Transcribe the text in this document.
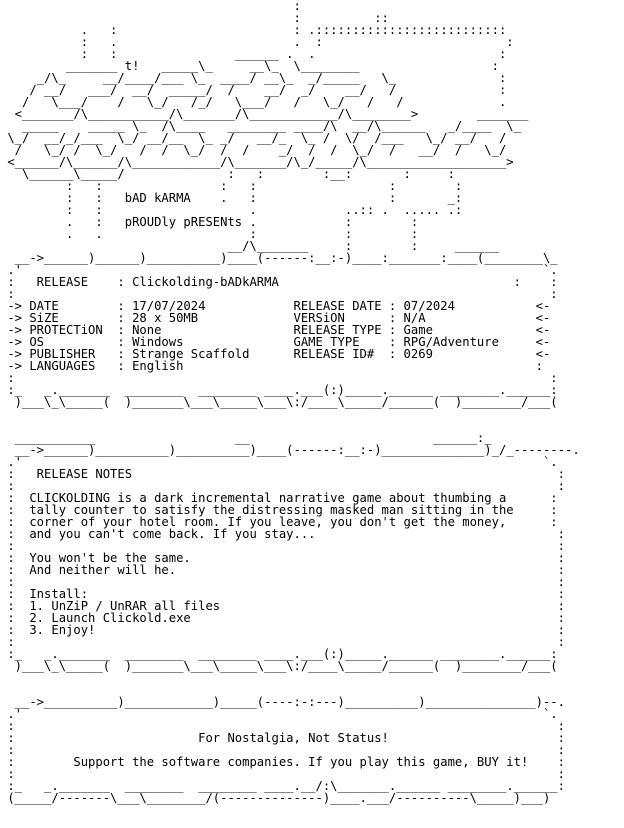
:
:          ::
.   :                        : .::::::::::::::::::::::::::
:   .                        .  :                         :
:   :                ______ .  .                         :
_______ t!   _____\_     __\_  \________                  :
_/\_     __/____/___ \_  ____/ __\_  _/_____   \_              :
/ __/   ___/  __/  _____/  /    __/  _/    __/   /              :
/   \___/    /   \_/   /_/   \___/   /   \_/   /   /             .
<_______/\___________/\_______/\____________/\________>        _______
_____    _____ \_  /\____   ________ ____/\  __/\______   _/____  \_
\_/  __/_/___  \_/ __/__  \_ _/   __/_  \_ /  \/  /___   \_/ __/   /
/   \_/ /  \_/   /  /  \_/  /  /    _/  /  /  \_/  /   __/  /   \_/
<______/\______/\____________/\_______/\_/_____/\___________________>
\______\_____/              :   :        :__:       :     :
:   :                :   :                  :        :
:   :   bAD kARMA    .   :                  :       _:
:   :                    .            ..:: .  ..... .:
.   :   pROUDly pRESENts .            :        :
.   .                    :            :        :
__/\_______     :        :     ______
__->______)______)__________)____(------:__:-)____:_______:____(________\_
.'                                                                       `.
:   RELEASE    : Clickolding-bADkARMA                                :    :
:                                                                         :
-> DATE        : 17/07/2024            RELEASE DATE : 07/2024           <-
-> SiZE        : 28 x 50MB             VERSiON      : N/A               <-
-> PROTECTiON  : None                  RELEASE TYPE : Game              <-
-> OS          : Windows               GAME TYPE    : RPG/Adventure     <-
-> PUBLISHER   : Strange Scaffold      RELEASE ID#  : 0269              <-
-> LANGUAGES   : English                                                :
:                                                                         :
:_   _._______  ________  ________ ____.___(:)_____.______ ________.______:
)___\_\_____(  )_______\___\_____\___\:/____\_____/______(  )________/___(
___________                   __                         ______:_
__->______)__________)__________)____(------:__:-)______________)_/_--------.
.'                                                                       `.
:   RELEASE NOTES                                                          :
:                                                                          :
:  CLICKOLDING is a dark incremental narrative game about thumbing a      :
:  tally counter to satisfy the distressing masked man sitting in the     :
:  corner of your hotel room. If you leave, you don't get the money,      :
:  and you can't come back. If you stay...                                 :
:                                                                          :
:  You won't be the same.                                                  :
:  And neither will he.                                                    :
:                                                                          :
:  Install:                                                                :
:  1. UnZiP / UnRAR all files                                              :
:  2. Launch Clickold.exe                                                  :
:  3. Enjoy!                                                               :
:                                                                          :
:_   _._______  ________  ________ ____.___(:)_____.______ ________.______:
)___\_\_____(  )_______\___\_____\___\:/____\_____/______(  )________/___(
__->__________)____________)_____(----:-:---)__________)_______________)--.
.'                                                                       `.
:                                                                          :
:                         For Nostalgia, Not Status!                       :
:                                                                          :
:        Support the software companies. If you play this game, BUY it!    :
:                                                                          :
:_   _._______  ________  ________ ____.__/:\_______.______ ________.______:
(_____/-------\___\________/(--------------)____.___/----------\_____)___)
